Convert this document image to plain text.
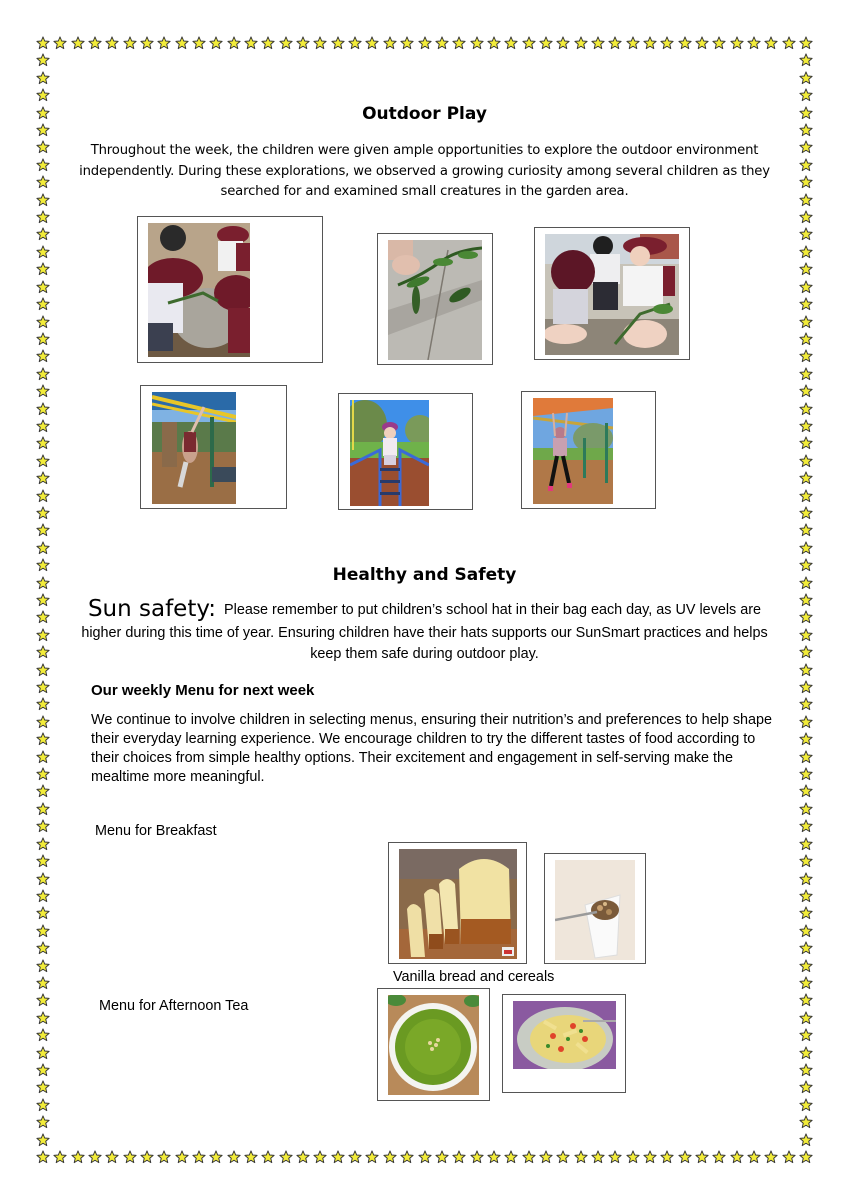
Outdoor Play
Throughout the week, the children were given ample opportunities to explore the outdoor environment
independently. During these explorations, we observed a growing curiosity among several children as they
searched for and examined small creatures in the garden area.
Healthy and Safety
Sun safety: Please remember to put children’s school hat in their bag each day, as UV levels are
higher during this time of year. Ensuring children have their hats supports our SunSmart practices and helps
keep them safe during outdoor play.
Our weekly Menu for next week
We continue to involve children in selecting menus, ensuring their nutrition’s and preferences to help shape
their everyday learning experience. We encourage children to try the different tastes of food according to
their choices from simple healthy options. Their excitement and engagement in self-serving make the
mealtime more meaningful.
Menu for Breakfast
Vanilla bread and cereals
Menu for Afternoon Tea
